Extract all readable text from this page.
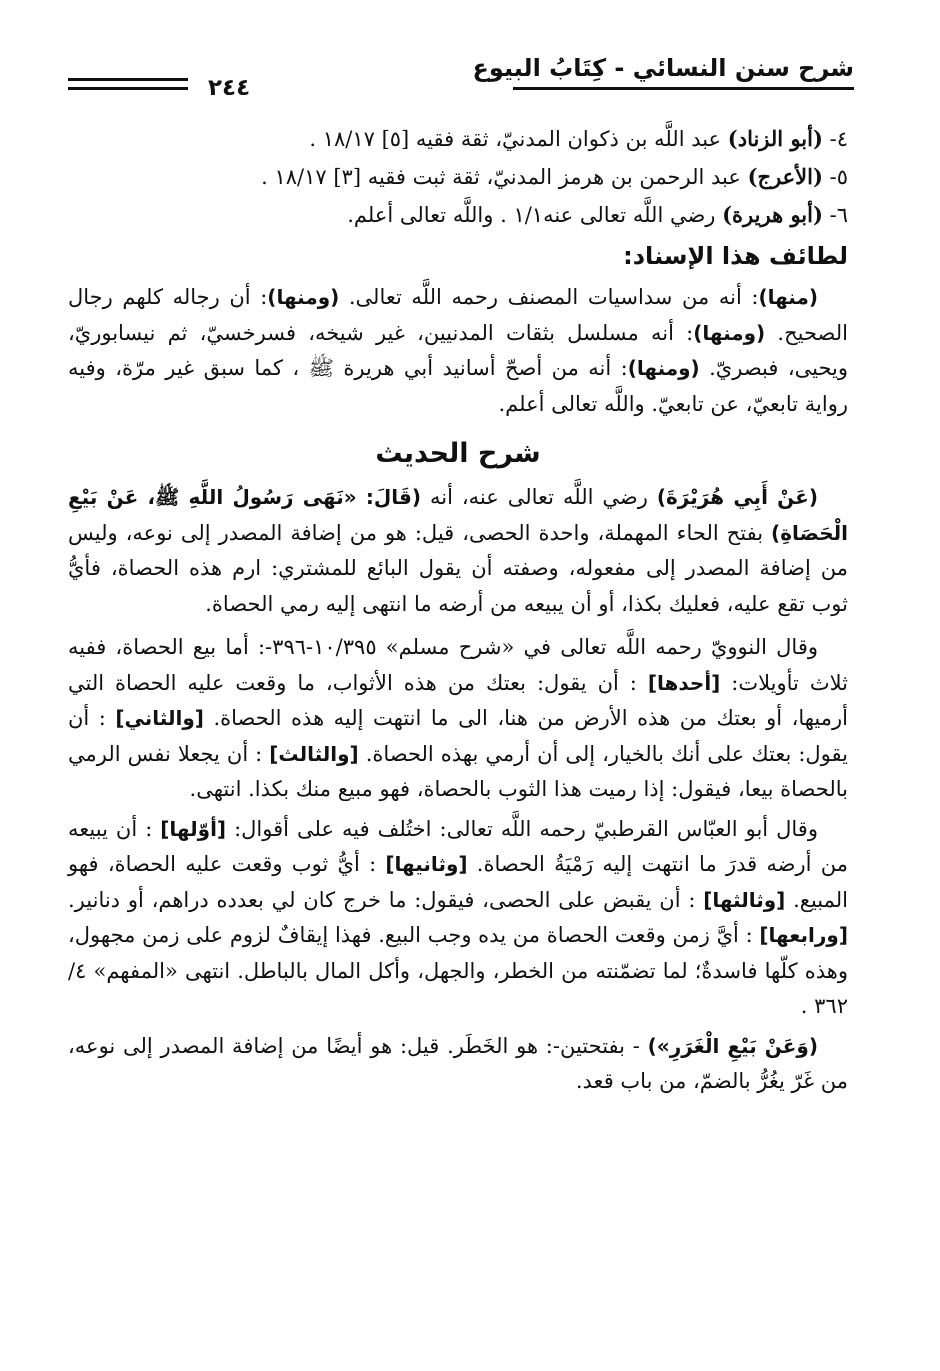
شرح سنن النسائي - كِتَابُ البيوع
٢٤٤
٤- (أبو الزناد) عبد اللَّه بن ذكوان المدنيّ، ثقة فقيه [٥] ١٨/١٧ .
٥- (الأعرج) عبد الرحمن بن هرمز المدنيّ، ثقة ثبت فقيه [٣] ١٨/١٧ .
٦- (أبو هريرة) رضي اللَّه تعالى عنه١/١ . واللَّه تعالى أعلم.
لطائف هذا الإسناد:

(منها): أنه من سداسيات المصنف رحمه اللَّه تعالى. (ومنها): أن رجاله كلهم رجال الصحيح. (ومنها): أنه مسلسل بثقات المدنيين، غير شيخه، فسرخسيّ، ثم نيسابوريّ، ويحيى، فبصريّ. (ومنها): أنه من أصحّ أسانيد أبي هريرة ﷺ ، كما سبق غير مرّة، وفيه رواية تابعيّ، عن تابعيّ. واللَّه تعالى أعلم.

شرح الحديث

(عَنْ أَبِي هُرَيْرَةَ) رضي اللَّه تعالى عنه، أنه (قَالَ: «نَهَى رَسُولُ اللَّهِ ﷺ، عَنْ بَيْعِ الْحَصَاةِ) بفتح الحاء المهملة، واحدة الحصى، قيل: هو من إضافة المصدر إلى نوعه، وليس من إضافة المصدر إلى مفعوله، وصفته أن يقول البائع للمشتري: ارم هذه الحصاة، فأيُّ ثوب تقع عليه، فعليك بكذا، أو أن يبيعه من أرضه ما انتهى إليه رمي الحصاة.

وقال النوويّ رحمه اللَّه تعالى في «شرح مسلم» ١٠/٣٩٥-٣٩٦-: أما بيع الحصاة، ففيه ثلاث تأويلات: [أحدها] : أن يقول: بعتك من هذه الأثواب، ما وقعت عليه الحصاة التي أرميها، أو بعتك من هذه الأرض من هنا، الى ما انتهت إليه هذه الحصاة. [والثاني] : أن يقول: بعتك على أنك بالخيار، إلى أن أرمي بهذه الحصاة. [والثالث] : أن يجعلا نفس الرمي بالحصاة بيعا، فيقول: إذا رميت هذا الثوب بالحصاة، فهو مبيع منك بكذا. انتهى.

وقال أبو العبّاس القرطبيّ رحمه اللَّه تعالى: اختُلف فيه على أقوال: [أوّلها] : أن يبيعه من أرضه قدرَ ما انتهت إليه رَمْيَةُ الحصاة. [وثانيها] : أيُّ ثوب وقعت عليه الحصاة، فهو المبيع. [وثالثها] : أن يقبض على الحصى، فيقول: ما خرج كان لي بعدده دراهم، أو دنانير. [ورابعها] : أيَّ زمن وقعت الحصاة من يده وجب البيع. فهذا إيقافٌ لزوم على زمن مجهول، وهذه كلّها فاسدةٌ؛ لما تضمّنته من الخطر، والجهل، وأكل المال بالباطل. انتهى «المفهم» ٤/ ٣٦٢ .

(وَعَنْ بَيْعِ الْغَرَرِ») - بفتحتين-: هو الخَطَر. قيل: هو أيضًا من إضافة المصدر إلى نوعه، من غَرّ يغُرُّ بالضمّ، من باب قعد.
